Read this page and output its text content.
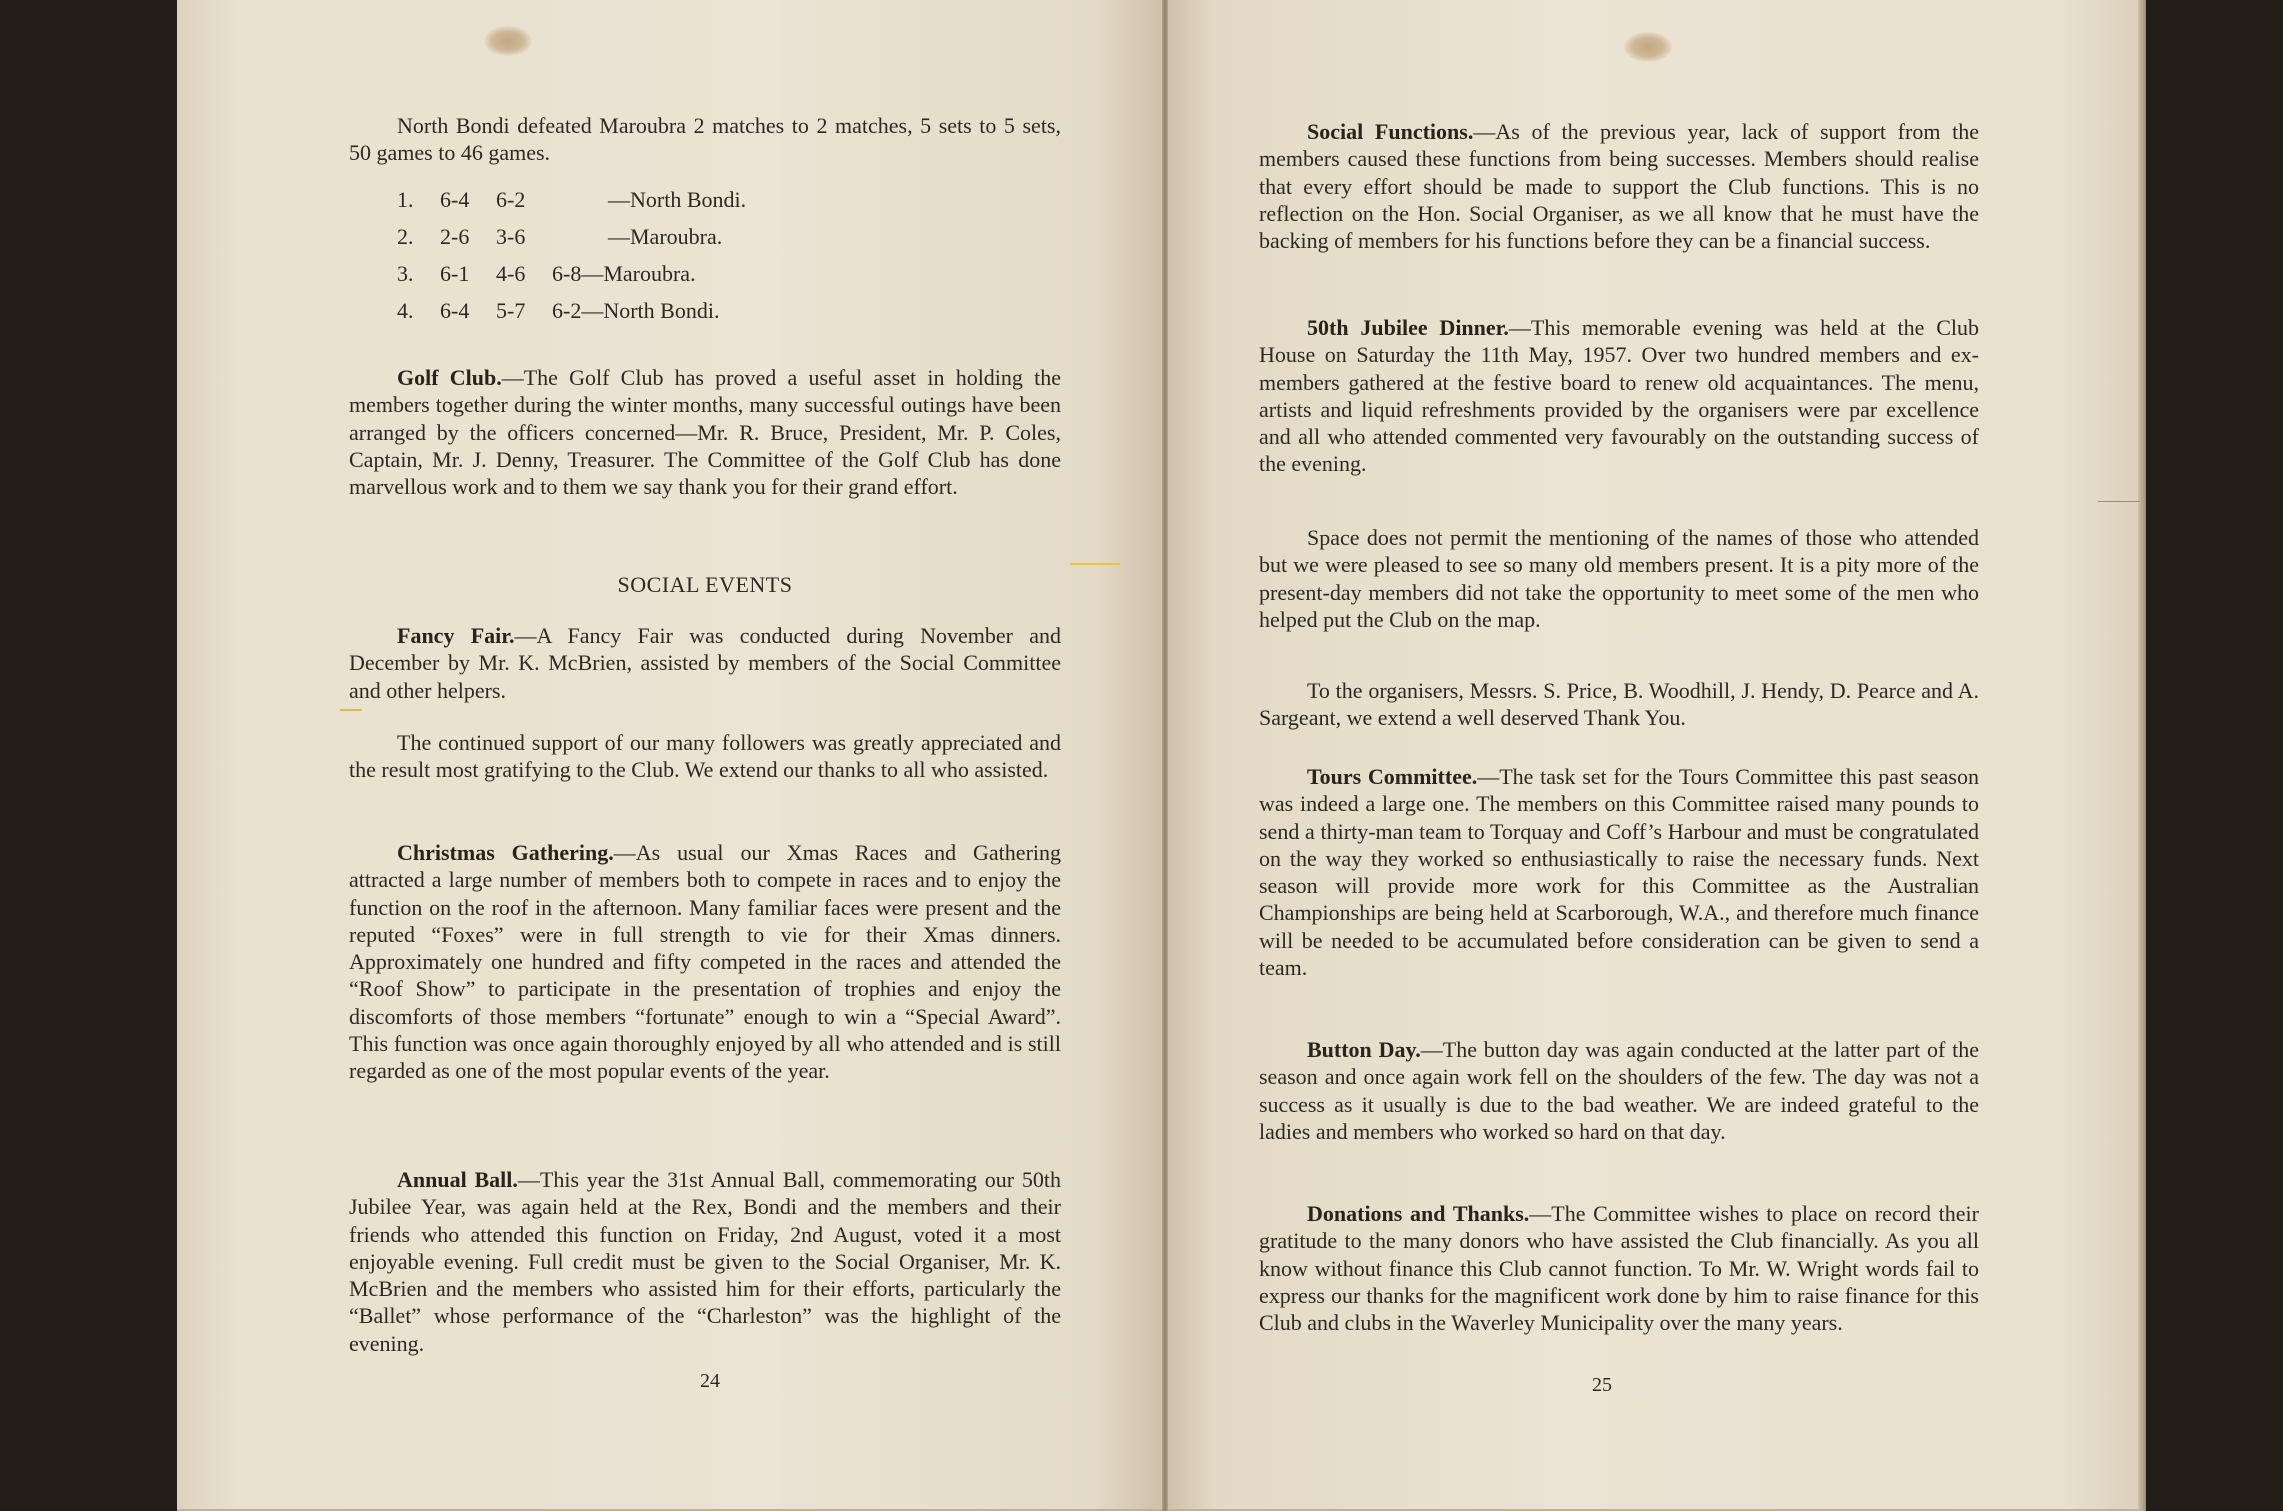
North Bondi defeated Maroubra 2 matches to 2 matches, 5 sets to 5 sets, 50 games to 46 games.

1.	6-4	6-2	—North Bondi.
2.	2-6	3-6	—Maroubra.
3.	6-1	4-6	6-8 —Maroubra.
4.	6-4	5-7	6-2 —North Bondi.

Golf Club.—The Golf Club has proved a useful asset in holding the members together during the winter months, many successful outings have been arranged by the officers concerned—Mr. R. Bruce, President, Mr. P. Coles, Captain, Mr. J. Denny, Treasurer. The Committee of the Golf Club has done marvellous work and to them we say thank you for their grand effort.

SOCIAL EVENTS

Fancy Fair.—A Fancy Fair was conducted during November and December by Mr. K. McBrien, assisted by members of the Social Committee and other helpers.

The continued support of our many followers was greatly appreciated and the result most gratifying to the Club. We extend our thanks to all who assisted.

Christmas Gathering.—As usual our Xmas Races and Gathering attracted a large number of members both to compete in races and to enjoy the function on the roof in the afternoon. Many familiar faces were present and the reputed “Foxes” were in full strength to vie for their Xmas dinners. Approximately one hundred and fifty competed in the races and attended the “Roof Show” to participate in the presentation of trophies and enjoy the discomforts of those members “fortunate” enough to win a “Special Award”. This function was once again thoroughly enjoyed by all who attended and is still regarded as one of the most popular events of the year.

Annual Ball.—This year the 31st Annual Ball, commemorating our 50th Jubilee Year, was again held at the Rex, Bondi and the members and their friends who attended this function on Friday, 2nd August, voted it a most enjoyable evening. Full credit must be given to the Social Organiser, Mr. K. McBrien and the members who assisted him for their efforts, particularly the “Ballet” whose performance of the “Charleston” was the highlight of the evening.

24

Social Functions.—As of the previous year, lack of support from the members caused these functions from being successes. Members should realise that every effort should be made to support the Club functions. This is no reflection on the Hon. Social Organiser, as we all know that he must have the backing of members for his functions before they can be a financial success.

50th Jubilee Dinner.—This memorable evening was held at the Club House on Saturday the 11th May, 1957. Over two hundred members and ex-members gathered at the festive board to renew old acquaintances. The menu, artists and liquid refreshments provided by the organisers were par excellence and all who attended commented very favourably on the outstanding success of the evening.

Space does not permit the mentioning of the names of those who attended but we were pleased to see so many old members present. It is a pity more of the present-day members did not take the opportunity to meet some of the men who helped put the Club on the map.

To the organisers, Messrs. S. Price, B. Woodhill, J. Hendy, D. Pearce and A. Sargeant, we extend a well deserved Thank You.

Tours Committee.—The task set for the Tours Committee this past season was indeed a large one. The members on this Committee raised many pounds to send a thirty-man team to Torquay and Coff’s Harbour and must be congratulated on the way they worked so enthusiastically to raise the necessary funds. Next season will provide more work for this Committee as the Australian Championships are being held at Scarborough, W.A., and therefore much finance will be needed to be accumulated before consideration can be given to send a team.

Button Day.—The button day was again conducted at the latter part of the season and once again work fell on the shoulders of the few. The day was not a success as it usually is due to the bad weather. We are indeed grateful to the ladies and members who worked so hard on that day.

Donations and Thanks.—The Committee wishes to place on record their gratitude to the many donors who have assisted the Club financially. As you all know without finance this Club cannot function. To Mr. W. Wright words fail to express our thanks for the magnificent work done by him to raise finance for this Club and clubs in the Waverley Municipality over the many years.

25
